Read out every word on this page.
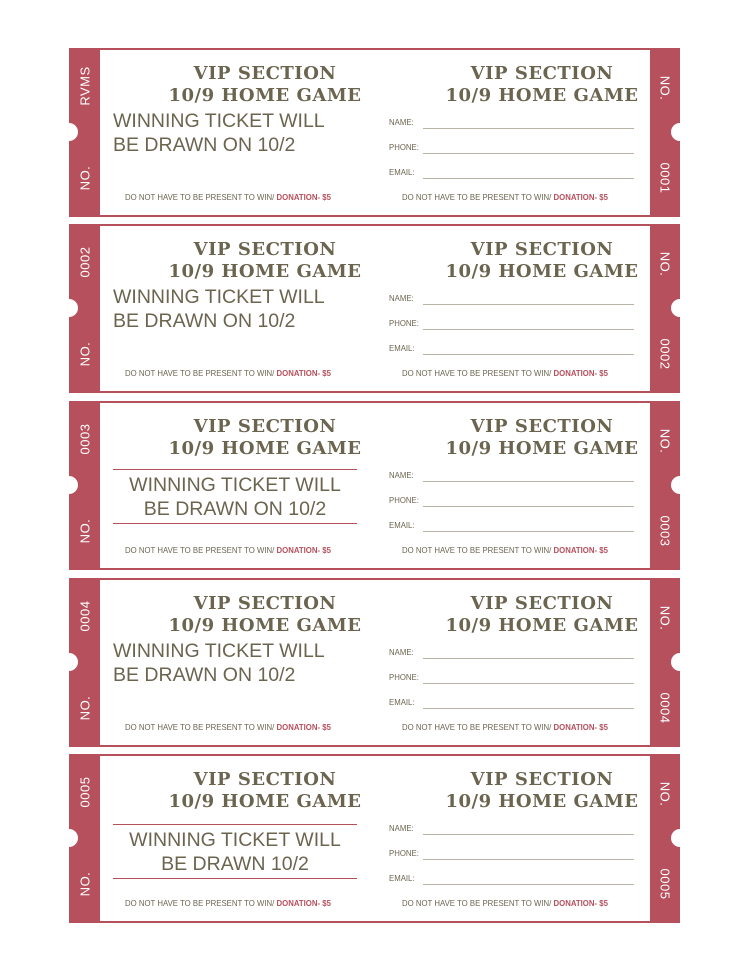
RVMS
NO.
NO.
0001
VIP SECTION
10/9 HOME GAME
VIP SECTION
10/9 HOME GAME
WINNING TICKET WILL
BE DRAWN ON 10/2
NAME:
PHONE:
EMAIL:
DO NOT HAVE TO BE PRESENT TO WIN/ DONATION- $5	DO NOT HAVE TO BE PRESENT TO WIN/ DONATION- $5
0002
NO.
NO.
0002
VIP SECTION
10/9 HOME GAME
VIP SECTION
10/9 HOME GAME
WINNING TICKET WILL
BE DRAWN ON 10/2
NAME:
PHONE:
EMAIL:
DO NOT HAVE TO BE PRESENT TO WIN/ DONATION- $5	DO NOT HAVE TO BE PRESENT TO WIN/ DONATION- $5
0003
NO.
NO.
0003
VIP SECTION
10/9 HOME GAME
VIP SECTION
10/9 HOME GAME
WINNING TICKET WILL
BE DRAWN ON 10/2
NAME:
PHONE:
EMAIL:
DO NOT HAVE TO BE PRESENT TO WIN/ DONATION- $5	DO NOT HAVE TO BE PRESENT TO WIN/ DONATION- $5
0004
NO.
NO.
0004
VIP SECTION
10/9 HOME GAME
VIP SECTION
10/9 HOME GAME
WINNING TICKET WILL
BE DRAWN ON 10/2
NAME:
PHONE:
EMAIL:
DO NOT HAVE TO BE PRESENT TO WIN/ DONATION- $5	DO NOT HAVE TO BE PRESENT TO WIN/ DONATION- $5
0005
NO.
NO.
0005
VIP SECTION
10/9 HOME GAME
VIP SECTION
10/9 HOME GAME
WINNING TICKET WILL
BE DRAWN 10/2
NAME:
PHONE:
EMAIL:
DO NOT HAVE TO BE PRESENT TO WIN/ DONATION- $5	DO NOT HAVE TO BE PRESENT TO WIN/ DONATION- $5
